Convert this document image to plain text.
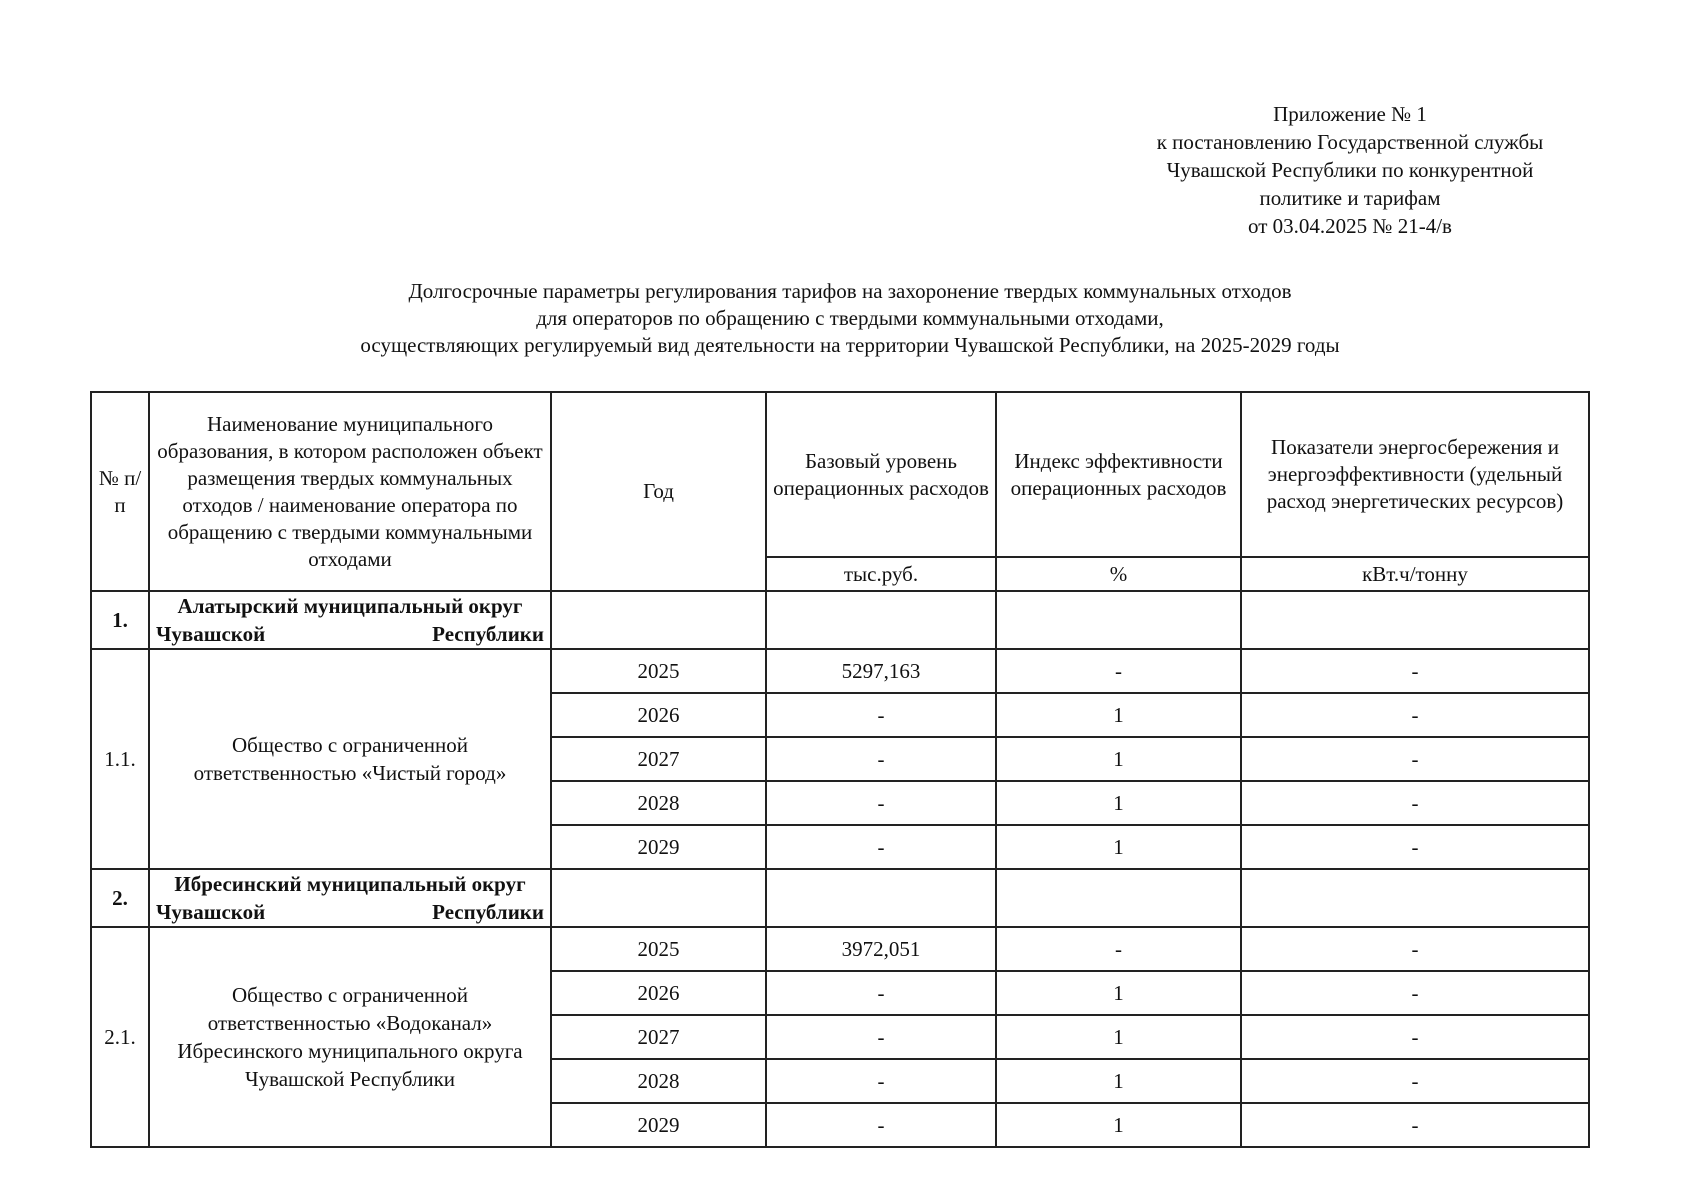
Приложение № 1
к постановлению Государственной службы
Чувашской Республики по конкурентной
политике и тарифам
от 03.04.2025 № 21-4/в
Долгосрочные параметры регулирования тарифов на захоронение твердых коммунальных отходов
для операторов по обращению с твердыми коммунальными отходами,
осуществляющих регулируемый вид деятельности на территории Чувашской Республики, на 2025-2029 годы
№ п/п	Наименование муниципального образования, в котором расположен объект размещения твердых коммунальных отходов / наименование оператора по обращению с твердыми коммунальными отходами	Год	Базовый уровень операционных расходов	Индекс эффективности операционных расходов	Показатели энергосбережения и энергоэффективности (удельный расход энергетических ресурсов)
			тыс.руб.	%	кВт.ч/тонну
1.	Алатырский муниципальный округ Чувашской Республики				
1.1.	Общество с ограниченной ответственностью «Чистый город»	2025	5297,163	-	-
		2026	-	1	-
		2027	-	1	-
		2028	-	1	-
		2029	-	1	-
2.	Ибресинский муниципальный округ Чувашской Республики				
2.1.	Общество с ограниченной ответственностью «Водоканал» Ибресинского муниципального округа Чувашской Республики	2025	3972,051	-	-
		2026	-	1	-
		2027	-	1	-
		2028	-	1	-
		2029	-	1	-
